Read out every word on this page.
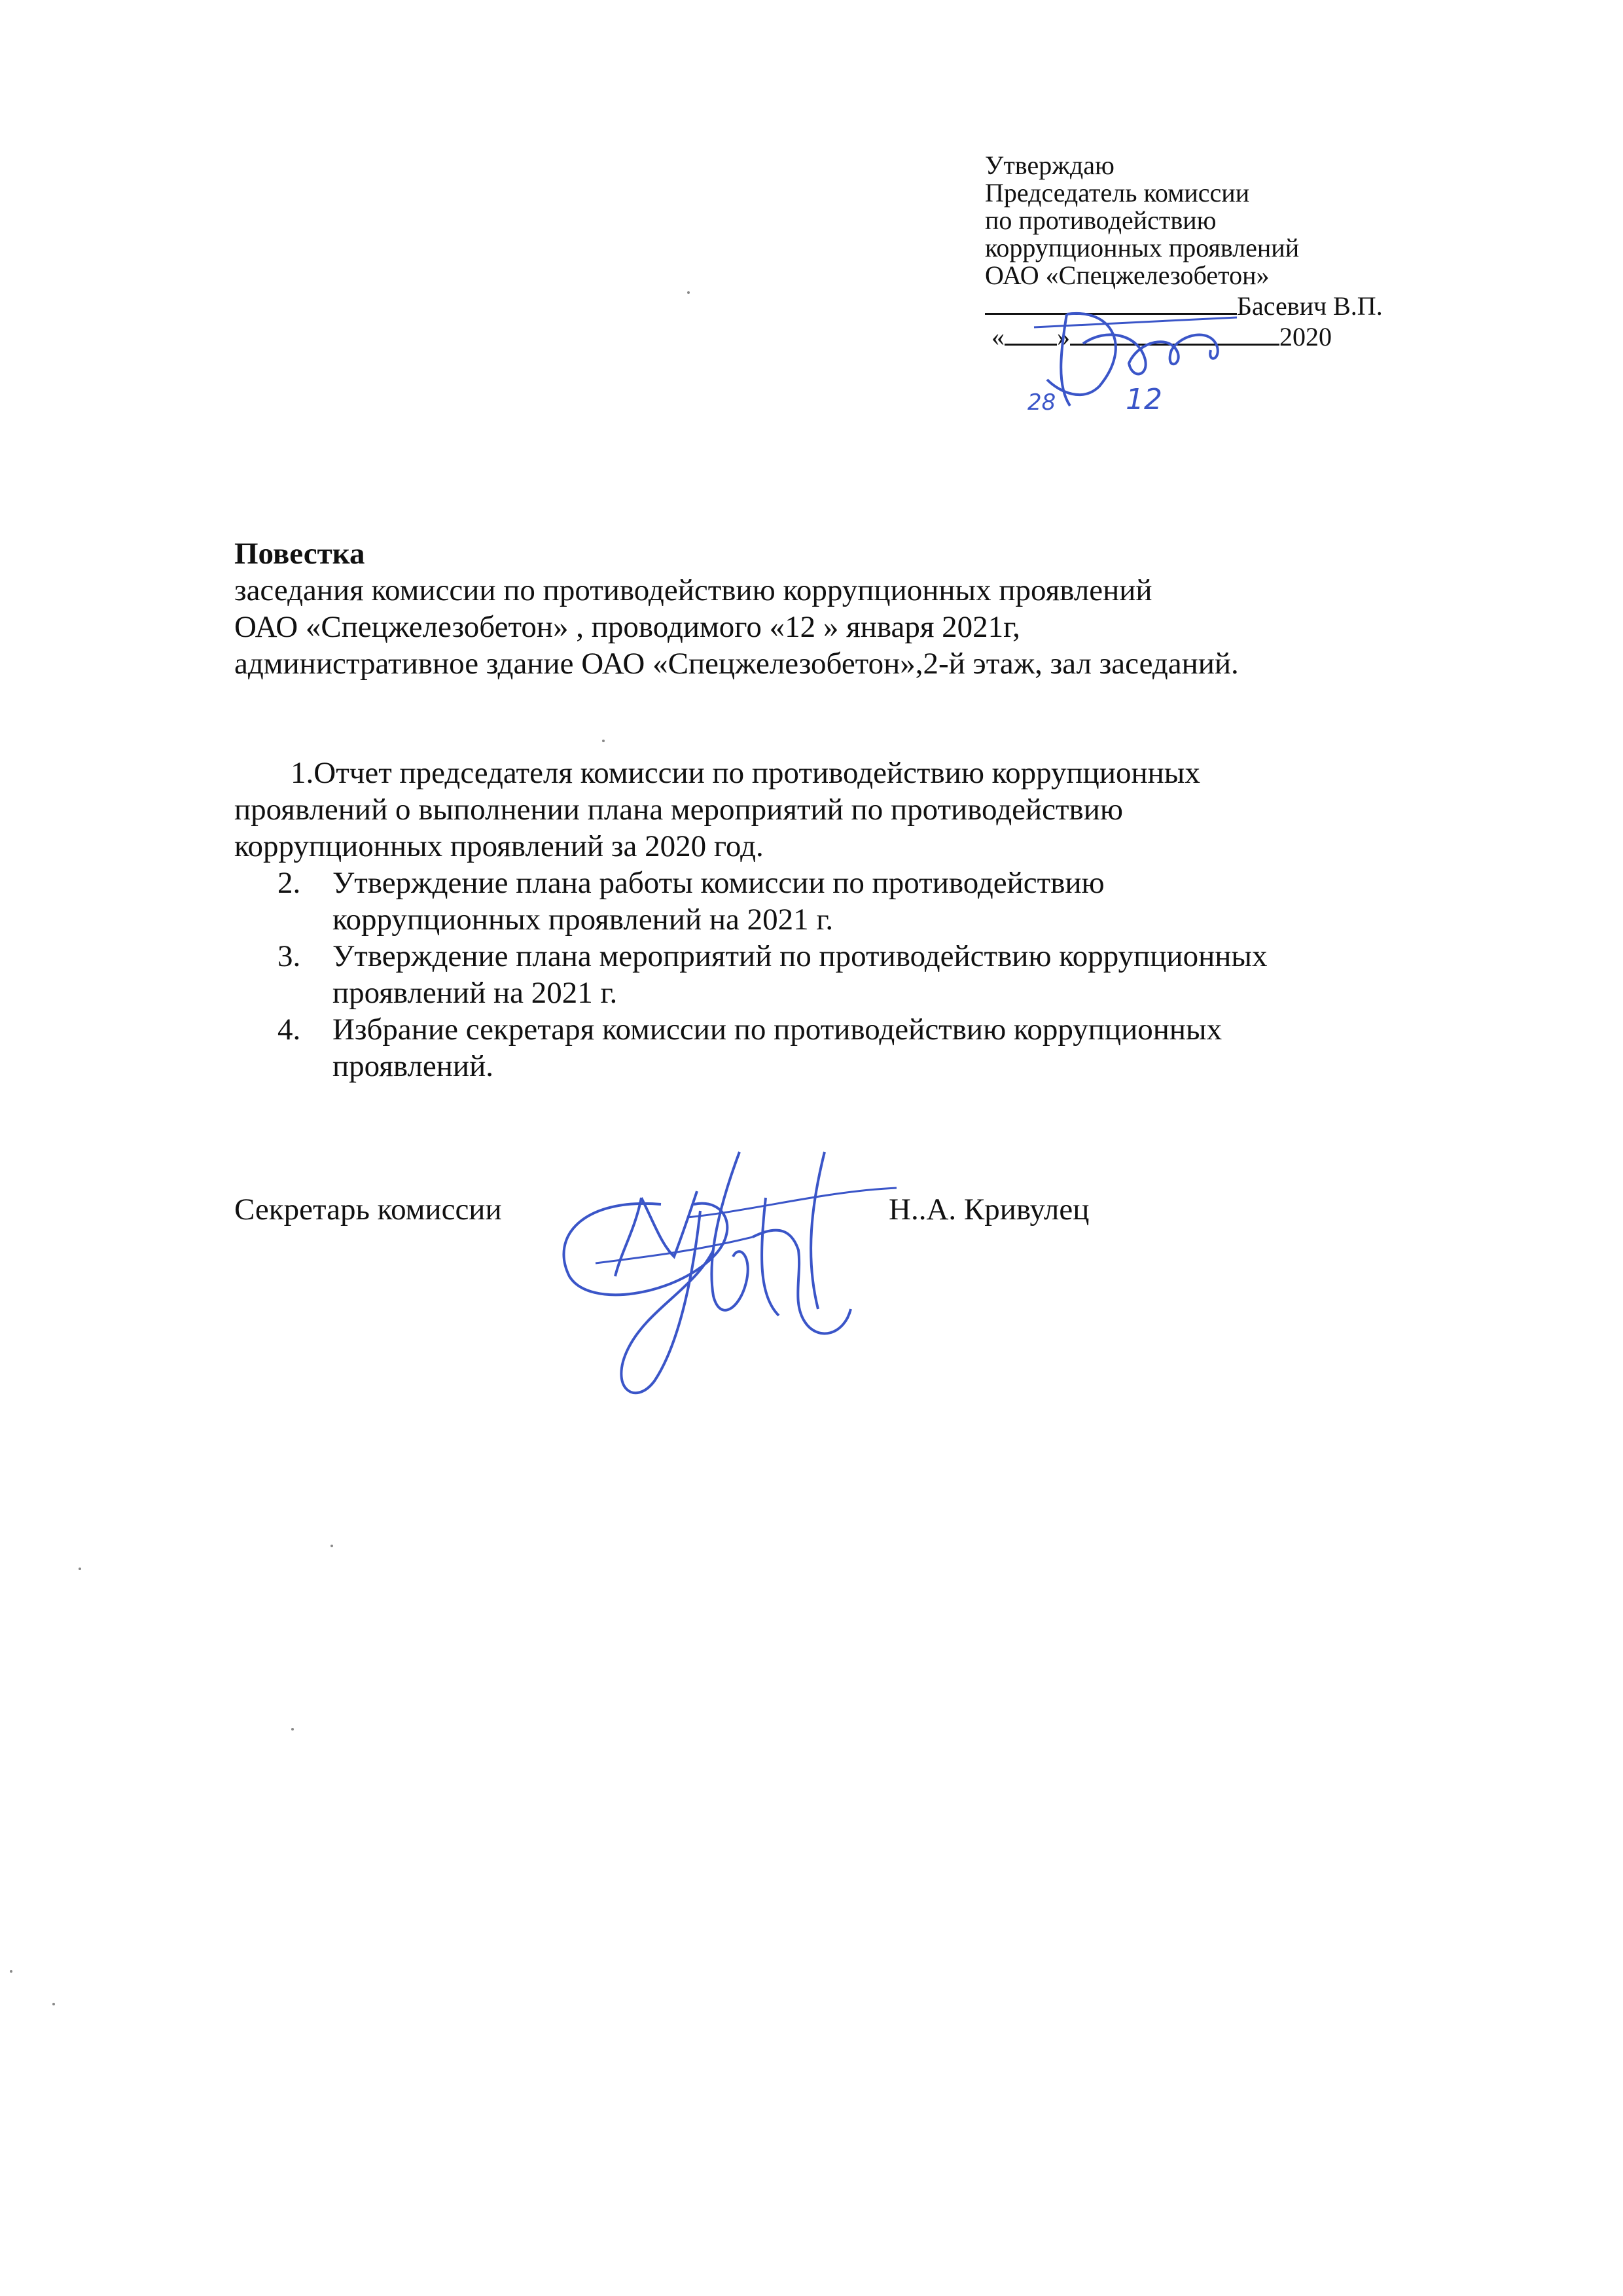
Утверждаю
Председатель комиссии
по противодействию
коррупционных проявлений
ОАО «Спецжелезобетон»
Басевич В.П.
« »	2020
28 12
Повестка
заседания комиссии по противодействию коррупционных проявлений
ОАО «Спецжелезобетон» , проводимого «12 » января 2021г,
административное здание ОАО «Спецжелезобетон»,2-й этаж, зал заседаний.
1.Отчет председателя комиссии по противодействию коррупционных
проявлений о выполнении плана мероприятий по противодействию
коррупционных проявлений за 2020 год.
2. Утверждение плана работы комиссии по противодействию
коррупционных проявлений на 2021 г.
3. Утверждение плана мероприятий по противодействию коррупционных
проявлений на 2021 г.
4. Избрание секретаря комиссии по противодействию коррупционных
проявлений.
Секретарь комиссии	Н..А. Кривулец
